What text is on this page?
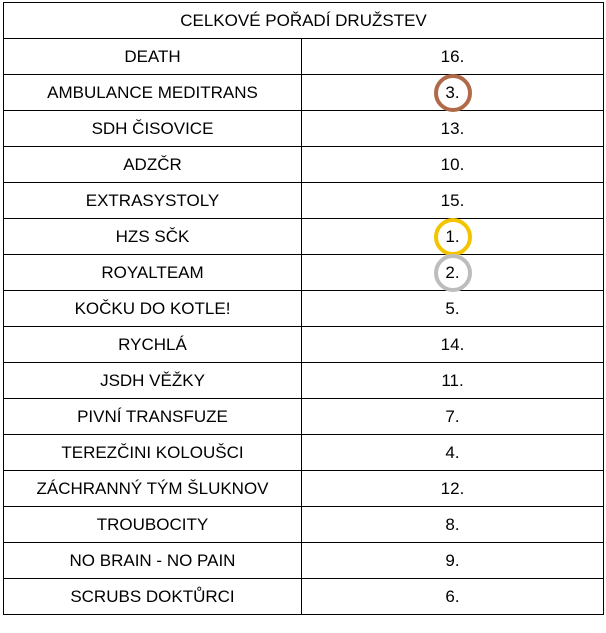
CELKOVÉ POŘADÍ DRUŽSTEV	
DEATH	16.
AMBULANCE MEDITRANS	3.
SDH ČISOVICE	13.
ADZČR	10.
EXTRASYSTOLY	15.
HZS SČK	1.
ROYALTEAM	2.
KOČKU DO KOTLE!	5.
RYCHLÁ	14.
JSDH VĚŽKY	11.
PIVNÍ TRANSFUZE	7.
TEREZČINI KOLOUŠCI	4.
ZÁCHRANNÝ TÝM ŠLUKNOV	12.
TROUBOCITY	8.
NO BRAIN - NO PAIN	9.
SCRUBS DOKTŮRCI	6.
